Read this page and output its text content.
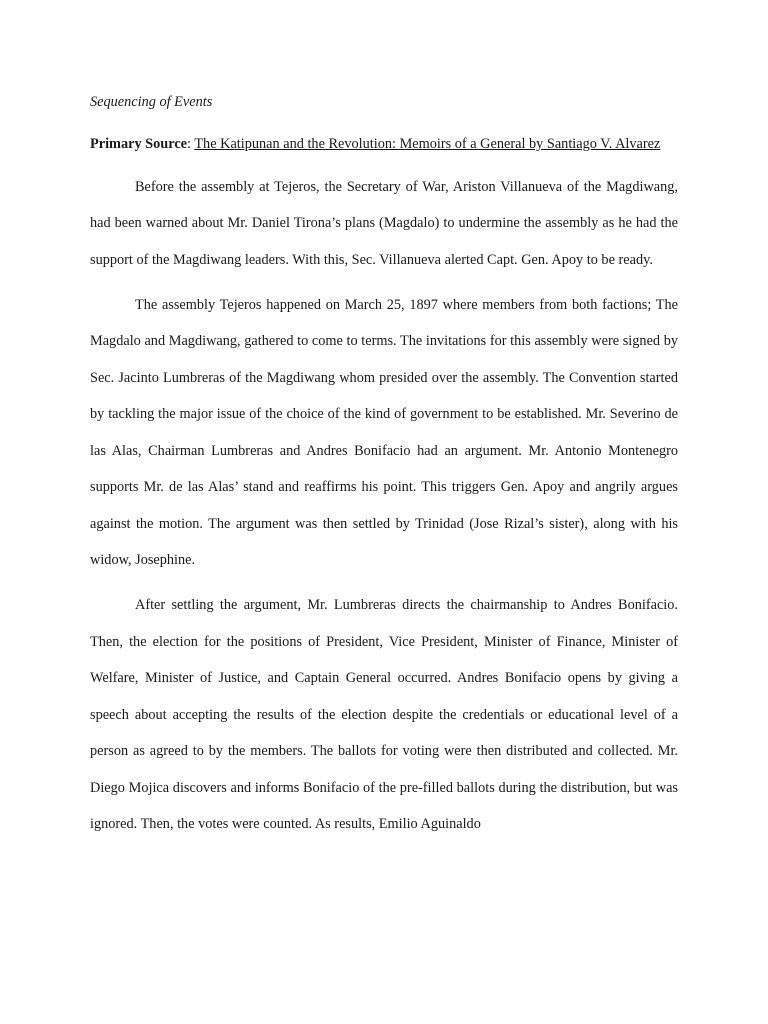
Sequencing of Events
Primary Source: The Katipunan and the Revolution: Memoirs of a General by Santiago V. Alvarez

Before the assembly at Tejeros, the Secretary of War, Ariston Villanueva of the Magdiwang, had been warned about Mr. Daniel Tirona’s plans (Magdalo) to undermine the assembly as he had the support of the Magdiwang leaders. With this, Sec. Villanueva alerted Capt. Gen. Apoy to be ready.

The assembly Tejeros happened on March 25, 1897 where members from both factions; The Magdalo and Magdiwang, gathered to come to terms. The invitations for this assembly were signed by Sec. Jacinto Lumbreras of the Magdiwang whom presided over the assembly. The Convention started by tackling the major issue of the choice of the kind of government to be established. Mr. Severino de las Alas, Chairman Lumbreras and Andres Bonifacio had an argument. Mr. Antonio Montenegro supports Mr. de las Alas’ stand and reaffirms his point. This triggers Gen. Apoy and angrily argues against the motion. The argument was then settled by Trinidad (Jose Rizal’s sister), along with his widow, Josephine.

After settling the argument, Mr. Lumbreras directs the chairmanship to Andres Bonifacio. Then, the election for the positions of President, Vice President, Minister of Finance, Minister of Welfare, Minister of Justice, and Captain General occurred. Andres Bonifacio opens by giving a speech about accepting the results of the election despite the credentials or educational level of a person as agreed to by the members. The ballots for voting were then distributed and collected. Mr. Diego Mojica discovers and informs Bonifacio of the pre-filled ballots during the distribution, but was ignored. Then, the votes were counted. As results, Emilio Aguinaldo
